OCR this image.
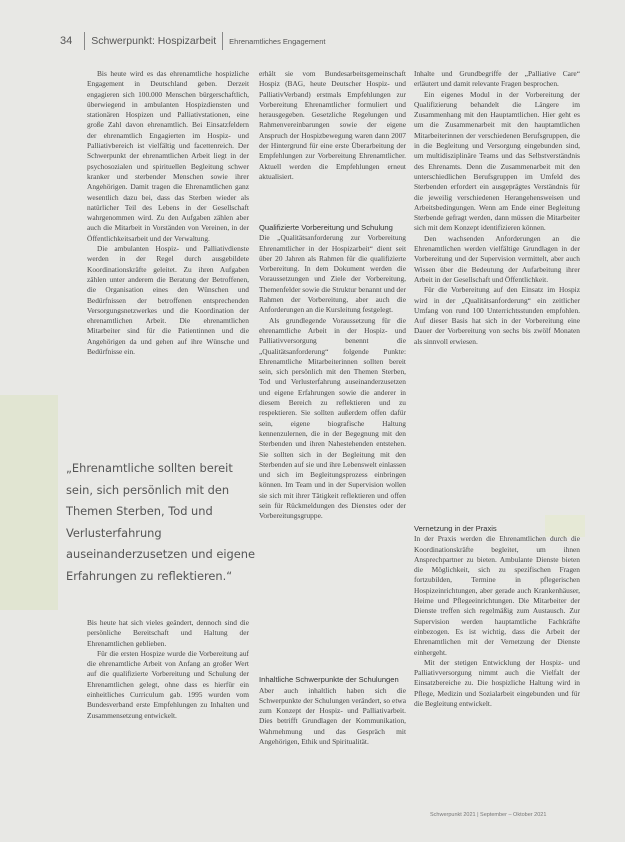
34	Schwerpunkt: Hospizarbeit Ehrenamtliches Engagement

Bis heute wird es das ehrenamtliche hospizliche Engagement in Deutschland geben. Derzeit engagieren sich 100.000 Menschen bürgerschaftlich, überwiegend in ambulanten Hospizdiensten und stationären Hospizen und Palliativstationen, eine große Zahl davon ehrenamtlich. Bei Einsatzfeldern der ehrenamtlich Engagierten im Hospiz- und Palliativbereich ist vielfältig und facettenreich. Der Schwerpunkt der ehrenamtlichen Arbeit liegt in der psychosozialen und spirituellen Begleitung schwer kranker und sterbender Menschen sowie ihrer Angehörigen. Damit tragen die Ehrenamtlichen ganz wesentlich dazu bei, dass das Sterben wieder als natürlicher Teil des Lebens in der Gesellschaft wahrgenommen wird. Zu den Aufgaben zählen aber auch die Mitarbeit in Vorständen von Vereinen, in der Öffentlichkeitsarbeit und der Verwaltung.

Die ambulanten Hospiz- und Palliativdienste werden in der Regel durch ausgebildete Koordinationskräfte geleitet. Zu ihren Aufgaben zählen unter anderem die Beratung der Betroffenen, die Organisation eines den Wünschen und Bedürfnissen der betroffenen entsprechenden Versorgungsnetzwerkes und die Koordination der ehrenamtlichen Arbeit. Die ehrenamtlichen Mitarbeiter sind für die Patientinnen und die Angehörigen da und gehen auf ihre Wünsche und Bedürfnisse ein.

„Ehrenamtliche sollten bereit sein, sich persönlich mit den Themen Sterben, Tod und Verlusterfahrung auseinanderzusetzen und eigene Erfahrungen zu reflektieren.“

Bis heute hat sich vieles geändert, dennoch sind die persönliche Bereitschaft und Haltung der Ehrenamtlichen geblieben.

Für die ersten Hospize wurde die Vorbereitung auf die ehrenamtliche Arbeit von Anfang an großer Wert auf die qualifizierte Vorbereitung und Schulung der Ehrenamtlichen gelegt, ohne dass es hierfür ein einheitliches Curriculum gab. 1995 wurden vom Bundesverband erste Empfehlungen zu Inhalten und Zusammensetzung entwickelt.

erhält sie vom Bundesarbeitsgemeinschaft Hospiz (BAG, heute Deutscher Hospiz- und PalliativVerband) erstmals Empfehlungen zur Vorbereitung Ehrenamtlicher formuliert und herausgegeben. Gesetzliche Regelungen und Rahmenvereinbarungen sowie der eigene Anspruch der Hospizbewegung waren dann 2007 der Hintergrund für eine erste Überarbeitung der Empfehlungen zur Vorbereitung Ehrenamtlicher. Aktuell werden die Empfehlungen erneut aktualisiert.

Qualifizierte Vorbereitung und Schulung

Die „Qualitätsanforderung zur Vorbereitung Ehrenamtlicher in der Hospizarbeit“ dient seit über 20 Jahren als Rahmen für die qualifizierte Vorbereitung. In dem Dokument werden die Voraussetzungen und Ziele der Vorbereitung, Themenfelder sowie die Struktur benannt und der Rahmen der Vorbereitung, aber auch die Anforderungen an die Kursleitung festgelegt.

Als grundlegende Voraussetzung für die ehrenamtliche Arbeit in der Hospiz- und Palliativversorgung benennt die „Qualitätsanforderung“ folgende Punkte: Ehrenamtliche Mitarbeiterinnen sollten bereit sein, sich persönlich mit den Themen Sterben, Tod und Verlusterfahrung auseinanderzusetzen und eigene Erfahrungen sowie die anderer in diesem Bereich zu reflektieren und zu respektieren. Sie sollten außerdem offen dafür sein, eigene biografische Haltung kennenzulernen, die in der Begegnung mit den Sterbenden und ihren Nahestehenden entstehen. Sie sollten sich in der Begleitung mit den Sterbenden auf sie und ihre Lebenswelt einlassen und sich im Begleitungsprozess einbringen können. Im Team und in der Supervision wollen sie sich mit ihrer Tätigkeit reflektieren und offen sein für Rückmeldungen des Dienstes oder der Vorbereitungsgruppe.

Inhaltliche Schwerpunkte der Schulungen

Aber auch inhaltlich haben sich die Schwerpunkte der Schulungen verändert, so etwa zum Konzept der Hospiz- und Palliativarbeit. Dies betrifft Grundlagen der Kommunikation, Wahrnehmung und das Gespräch mit Angehörigen, Ethik und Spiritualität.

Inhalte und Grundbegriffe der „Palliative Care“ erläutert und damit relevante Fragen besprochen.

Ein eigenes Modul in der Vorbereitung der Qualifizierung behandelt die Längere im Zusammenhang mit den Hauptamtlichen. Hier geht es um die Zusammenarbeit mit den hauptamtlichen Mitarbeiterinnen der verschiedenen Berufsgruppen, die in die Begleitung und Versorgung eingebunden sind, um multidisziplinäre Teams und das Selbstverständnis des Ehrenamts. Denn die Zusammenarbeit mit den unterschiedlichen Berufsgruppen im Umfeld des Sterbenden erfordert ein ausgeprägtes Verständnis für die jeweilig verschiedenen Herangehensweisen und Arbeitsbedingungen. Wenn am Ende einer Begleitung Sterbende gefragt werden, dann müssen die Mitarbeiter sich mit dem Konzept identifizieren können.

Den wachsenden Anforderungen an die Ehrenamtlichen werden vielfältige Grundlagen in der Vorbereitung und der Supervision vermittelt, aber auch Wissen über die Bedeutung der Aufarbeitung ihrer Arbeit in der Gesellschaft und Öffentlichkeit.

Für die Vorbereitung auf den Einsatz im Hospiz wird in der „Qualitätsanforderung“ ein zeitlicher Umfang von rund 100 Unterrichtsstunden empfohlen. Auf dieser Basis hat sich in der Vorbereitung eine Dauer der Vorbereitung von sechs bis zwölf Monaten als sinnvoll erwiesen.

Vernetzung in der Praxis

In der Praxis werden die Ehrenamtlichen durch die Koordinationskräfte begleitet, um ihnen Ansprechpartner zu bieten. Ambulante Dienste bieten die Möglichkeit, sich zu spezifischen Fragen fortzubilden, Termine in pflegerischen Hospizeinrichtungen, aber gerade auch Krankenhäuser, Heime und Pflegeeinrichtungen. Die Mitarbeiter der Dienste treffen sich regelmäßig zum Austausch. Zur Supervision werden hauptamtliche Fachkräfte einbezogen. Es ist wichtig, dass die Arbeit der Ehrenamtlichen mit der Vernetzung der Dienste einhergeht.

Mit der stetigen Entwicklung der Hospiz- und Palliativversorgung nimmt auch die Vielfalt der Einsatzbereiche zu. Die hospizliche Haltung wird in Pflege, Medizin und Sozialarbeit eingebunden und für die Begleitung entwickelt.

Schwerpunkt 2021 | September – Oktober 2021
